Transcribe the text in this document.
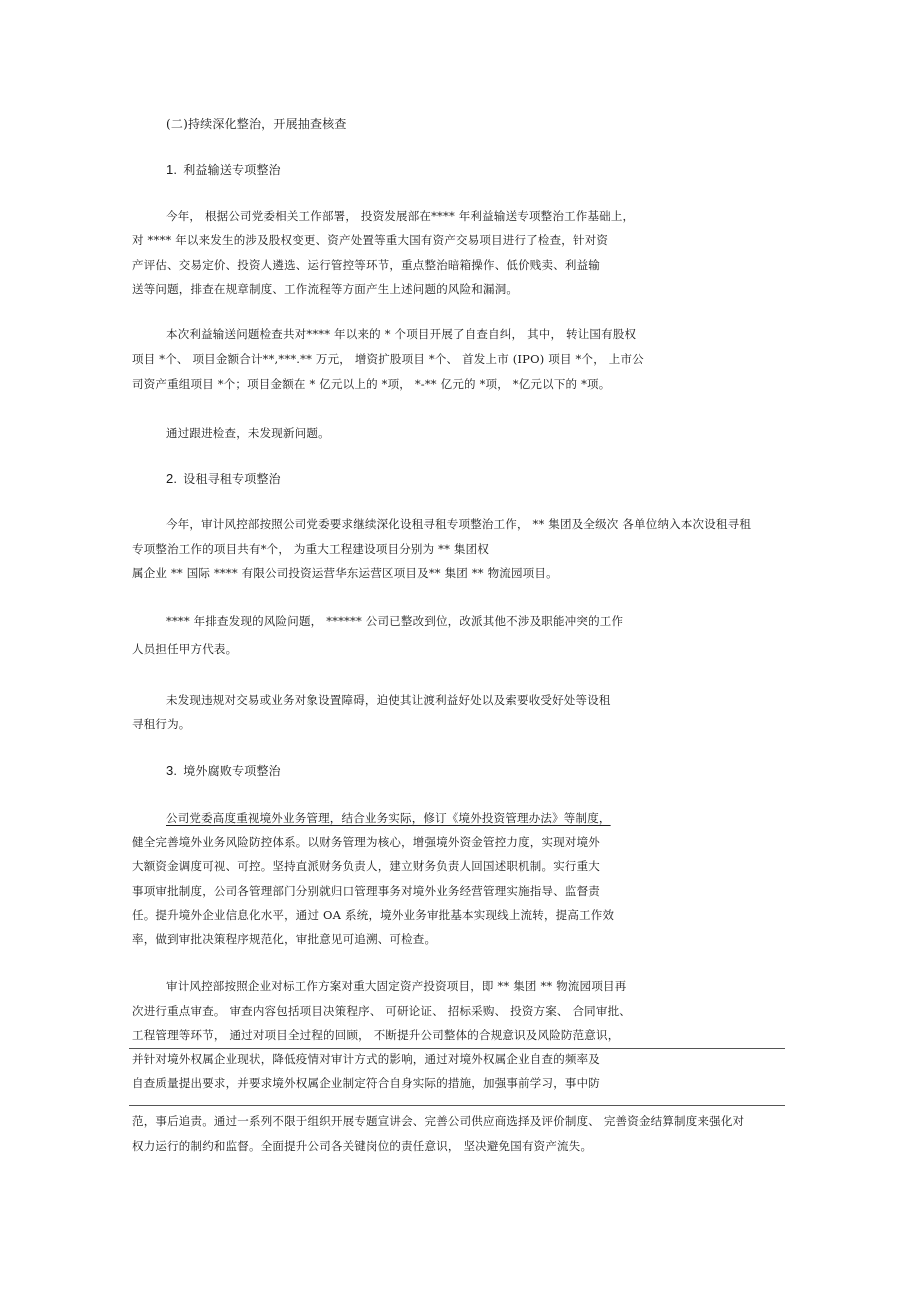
(二)持续深化整治，开展抽查核查
1. 利益输送专项整治
今年， 根据公司党委相关工作部署， 投资发展部在**** 年利益输送专项整治工作基础上，
对 **** 年以来发生的涉及股权变更、资产处置等重大国有资产交易项目进行了检查，针对资
产评估、交易定价、投资人遴选、运行管控等环节，重点整治暗箱操作、低价贱卖、利益输
送等问题，排查在规章制度、工作流程等方面产生上述问题的风险和漏洞。
本次利益输送问题检查共对**** 年以来的 * 个项目开展了自查自纠， 其中， 转让国有股权
项目 *个、 项目金额合计**,***.** 万元， 增资扩股项目 *个、 首发上市 (IPO) 项目 *个， 上市公
司资产重组项目 *个；项目金额在 * 亿元以上的 *项， *-** 亿元的 *项， *亿元以下的 *项。
通过跟进检查，未发现新问题。
2. 设租寻租专项整治
今年，审计风控部按照公司党委要求继续深化设租寻租专项整治工作， ** 集团及全级次 各单位纳入本次设租寻租
专项整治工作的项目共有*个， 为重大工程建设项目分别为 ** 集团权
属企业 ** 国际 **** 有限公司投资运营华东运营区项目及** 集团 ** 物流园项目。
**** 年排查发现的风险问题， ****** 公司已整改到位，改派其他不涉及职能冲突的工作
人员担任甲方代表。
未发现违规对交易或业务对象设置障碍，迫使其让渡利益好处以及索要收受好处等设租
寻租行为。
3. 境外腐败专项整治
公司党委高度重视境外业务管理，结合业务实际，修订《境外投资管理办法》等制度，
健全完善境外业务风险防控体系。以财务管理为核心，增强境外资金管控力度，实现对境外
大额资金调度可视、可控。坚持直派财务负责人，建立财务负责人回国述职机制。实行重大
事项审批制度，公司各管理部门分别就归口管理事务对境外业务经营管理实施指导、监督责
任。提升境外企业信息化水平，通过 OA 系统，境外业务审批基本实现线上流转，提高工作效
率，做到审批决策程序规范化，审批意见可追溯、可检查。
审计风控部按照企业对标工作方案对重大固定资产投资项目，即 ** 集团 ** 物流园项目再
次进行重点审查。 审查内容包括项目决策程序、 可研论证、 招标采购、 投资方案、 合同审批、
工程管理等环节， 通过对项目全过程的回顾， 不断提升公司整体的合规意识及风险防范意识，
并针对境外权属企业现状，降低疫情对审计方式的影响，通过对境外权属企业自查的频率及
自查质量提出要求，并要求境外权属企业制定符合自身实际的措施，加强事前学习，事中防
范，事后追责。通过一系列不限于组织开展专题宣讲会、完善公司供应商选择及评价制度、 完善资金结算制度来强化对
权力运行的制约和监督。全面提升公司各关键岗位的责任意识， 坚决避免国有资产流失。
